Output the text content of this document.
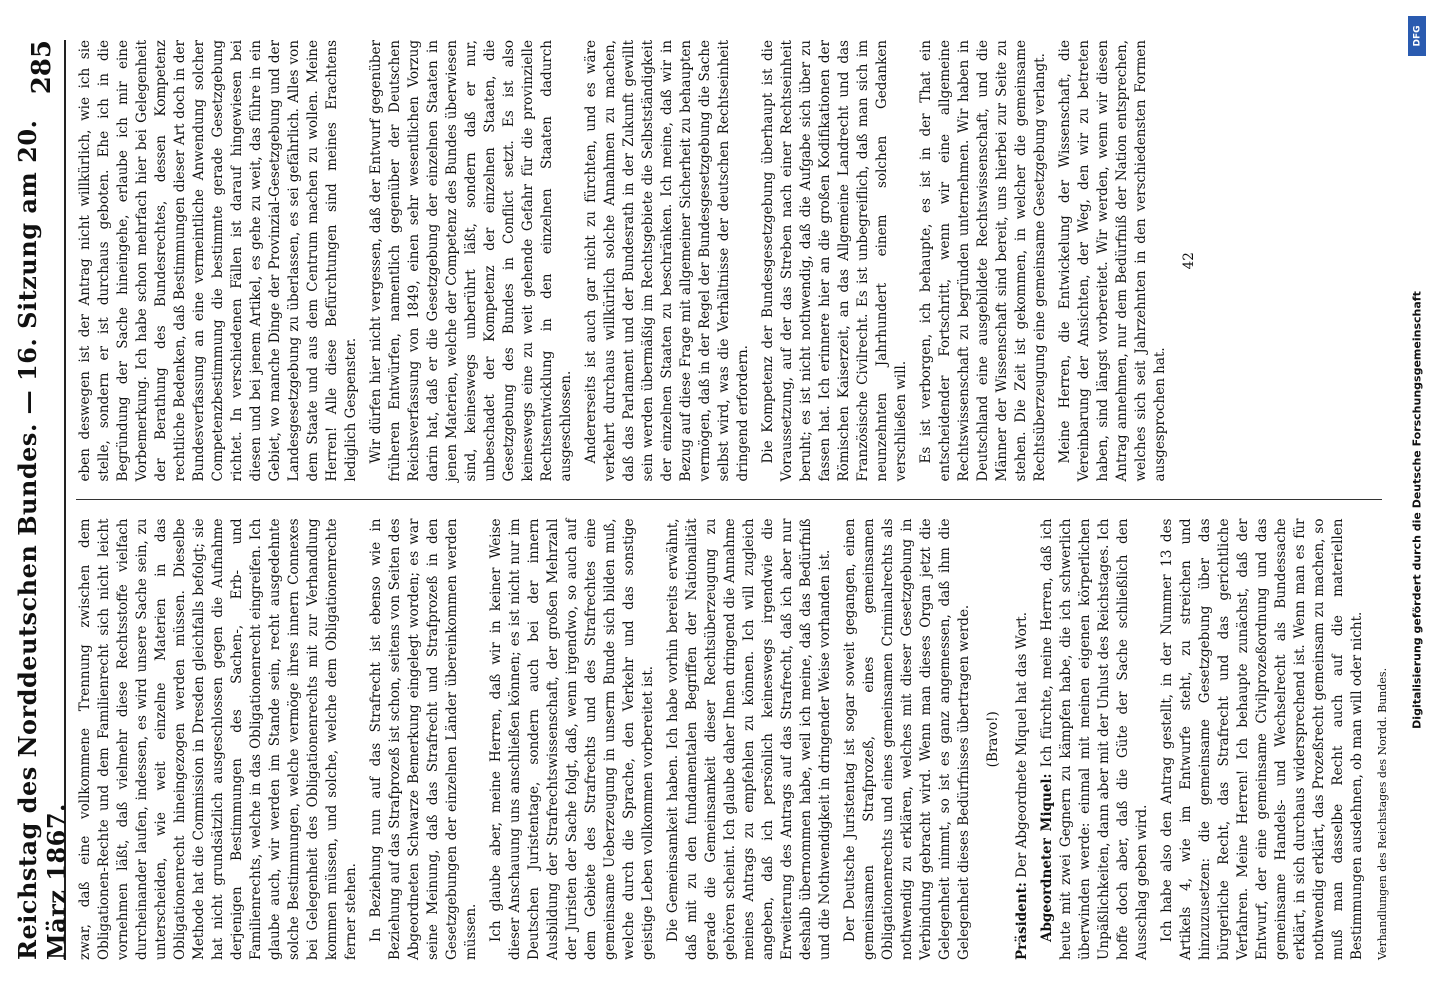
Reichstag des Norddeutschen Bundes. — 16. Sitzung am 20. März 1867.
285

zwar, daß eine vollkommene Trennung zwischen dem Obligationen-Rechte und dem Familienrecht sich nicht leicht vornehmen läßt, daß vielmehr diese Rechtsstoffe vielfach durcheinander laufen, indessen, es wird unsere Sache sein, zu unterscheiden, wie weit einzelne Materien in das Obligationenrecht hineingezogen werden müssen. Dieselbe Methode hat die Commission in Dresden gleichfalls befolgt; sie hat nicht grundsätzlich ausgeschlossen gegen die Aufnahme derjenigen Bestimmungen des Sachen-, Erb- und Familienrechts, welche in das Obligationenrecht eingreifen. Ich glaube auch, wir werden im Stande sein, recht ausgedehnte solche Bestimmungen, welche vermöge ihres innern Connexes bei Gelegenheit des Obligationenrechts mit zur Verhandlung kommen müssen, und solche, welche dem Obligationenrechte ferner stehen. In Beziehung nun auf das Strafrecht ist ebenso wie in Beziehung auf das Strafprozeß ist schon, seitens von Seiten des Abgeordneten Schwarze Bemerkung eingelegt worden; es war seine Meinung, daß das Strafrecht und Strafprozeß in den Gesetzgebungen der einzelnen Länder übereinkommen werden müssen. Ich glaube aber, meine Herren, daß wir in keiner Weise dieser Anschauung uns anschließen können; es ist nicht nur im Deutschen Juristentage, sondern auch bei der innern Ausbildung der Strafrechtswissenschaft, der großen Mehrzahl der Juristen der Sache folgt, daß, wenn irgendwo, so auch auf dem Gebiete des Strafrechts und des Strafrechtes eine gemeinsame Ueberzeugung in unserm Bunde sich bilden muß, welche durch die Sprache, den Verkehr und das sonstige geistige Leben vollkommen vorbereitet ist. Die Gemeinsamkeit haben. Ich habe vorhin bereits erwähnt, daß mit zu den fundamentalen Begriffen der Nationalität gerade die Gemeinsamkeit dieser Rechtsüberzeugung zu gehören scheint. Ich glaube daher Ihnen dringend die Annahme meines Antrags zu empfehlen zu können. Ich will zugleich angeben, daß ich persönlich keineswegs irgendwie die Erweiterung des Antrags auf das Strafrecht, daß ich aber nur deshalb übernommen habe, weil ich meine, daß das Bedürfniß und die Nothwendigkeit in dringender Weise vorhanden ist. Der Deutsche Juristentag ist sogar soweit gegangen, einen gemeinsamen Strafprozeß, eines gemeinsamen Obligationenrechts und eines gemeinsamen Criminalrechts als nothwendig zu erklären, welches mit dieser Gesetzgebung in Verbindung gebracht wird. Wenn man dieses Organ jetzt die Gelegenheit nimmt, so ist es ganz angemessen, daß ihm die Gelegenheit dieses Bedürfnisses übertragen werde. (Bravo!)

Präsident: Der Abgeordnete Miquel hat das Wort. Abgeordneter Miquel: Ich fürchte, meine Herren, daß ich heute mit zwei Gegnern zu kämpfen habe, die ich schwerlich überwinden werde: einmal mit meinen eigenen körperlichen Unpäßlichkeiten, dann aber mit der Unlust des Reichstages. Ich hoffe doch aber, daß die Güte der Sache schließlich den Ausschlag geben wird. Ich habe also den Antrag gestellt, in der Nummer 13 des Artikels 4, wie im Entwurfe steht, zu streichen und hinzuzusetzen: die gemeinsame Gesetzgebung über das bürgerliche Recht, das Strafrecht und das gerichtliche Verfahren. Meine Herren! Ich behaupte zunächst, daß der Entwurf, der eine gemeinsame Civilprozeßordnung und das gemeinsame Handels- und Wechselrecht als Bundessache erklärt, in sich durchaus widersprechend ist. Wenn man es für nothwendig erklärt, das Prozeßrecht gemeinsam zu machen, so muß man dasselbe Recht auch auf die materiellen Bestimmungen ausdehnen, ob man will oder nicht. Verhandlungen des Reichstages des Nordd. Bundes.

eben deswegen ist der Antrag nicht willkürlich, wie ich sie stelle, sondern er ist durchaus geboten. Ehe ich in die Begründung der Sache hineingehe, erlaube ich mir eine Vorbemerkung. Ich habe schon mehrfach hier bei Gelegenheit der Berathung des Bundesrechtes, dessen Kompetenz rechtliche Bedenken, daß Bestimmungen dieser Art doch in der Bundesverfassung an eine vermeintliche Anwendung solcher Competenzbestimmung die bestimmte gerade Gesetzgebung richtet. In verschiedenen Fällen ist darauf hingewiesen bei diesen und bei jenem Artikel, es gehe zu weit, das führe in ein Gebiet, wo manche Dinge der Provinzial-Gesetzgebung und der Landesgesetzgebung zu überlassen, es sei gefährlich. Alles von dem Staate und aus dem Centrum machen zu wollen. Meine Herren! Alle diese Befürchtungen sind meines Erachtens lediglich Gespenster. Wir dürfen hier nicht vergessen, daß der Entwurf gegenüber früheren Entwürfen, namentlich gegenüber der Deutschen Reichsverfassung von 1849, einen sehr wesentlichen Vorzug darin hat, daß er die Gesetzgebung der einzelnen Staaten in jenen Materien, welche der Competenz des Bundes überwiesen sind, keineswegs unberührt läßt, sondern daß er nur, unbeschadet der Kompetenz der einzelnen Staaten, die Gesetzgebung des Bundes in Conflict setzt. Es ist also keineswegs eine zu weit gehende Gefahr für die provinzielle Rechtsentwicklung in den einzelnen Staaten dadurch ausgeschlossen. Andererseits ist auch gar nicht zu fürchten, und es wäre verkehrt durchaus willkürlich solche Annahmen zu machen, daß das Parlament und der Bundesrath in der Zukunft gewillt sein werden übermäßig im Rechtsgebiete die Selbstständigkeit der einzelnen Staaten zu beschränken. Ich meine, daß wir in Bezug auf diese Frage mit allgemeiner Sicherheit zu behaupten vermögen, daß in der Regel der Bundesgesetzgebung die Sache selbst wird, was die Verhältnisse der deutschen Rechtseinheit dringend erfordern. Die Kompetenz der Bundesgesetzgebung überhaupt ist die Voraussetzung, auf der das Streben nach einer Rechtseinheit beruht; es ist nicht nothwendig, daß die Aufgabe sich über zu fassen hat. Ich erinnere hier an die großen Kodifikationen der Römischen Kaiserzeit, an das Allgemeine Landrecht und das Französische Civilrecht. Es ist unbegreiflich, daß man sich im neunzehnten Jahrhundert einem solchen Gedanken verschließen will. Es ist verborgen, ich behaupte, es ist in der That ein entscheidender Fortschritt, wenn wir eine allgemeine Rechtswissenschaft zu begründen unternehmen. Wir haben in Deutschland eine ausgebildete Rechtswissenschaft, und die Männer der Wissenschaft sind bereit, uns hierbei zur Seite zu stehen. Die Zeit ist gekommen, in welcher die gemeinsame Rechtsüberzeugung eine gemeinsame Gesetzgebung verlangt. Meine Herren, die Entwickelung der Wissenschaft, die Vereinbarung der Ansichten, der Weg, den wir zu betreten haben, sind längst vorbereitet. Wir werden, wenn wir diesen Antrag annehmen, nur dem Bedürfniß der Nation entsprechen, welches sich seit Jahrzehnten in den verschiedensten Formen ausgesprochen hat.

42

DFG
Digitalisierung gefördert durch die Deutsche Forschungsgemeinschaft
